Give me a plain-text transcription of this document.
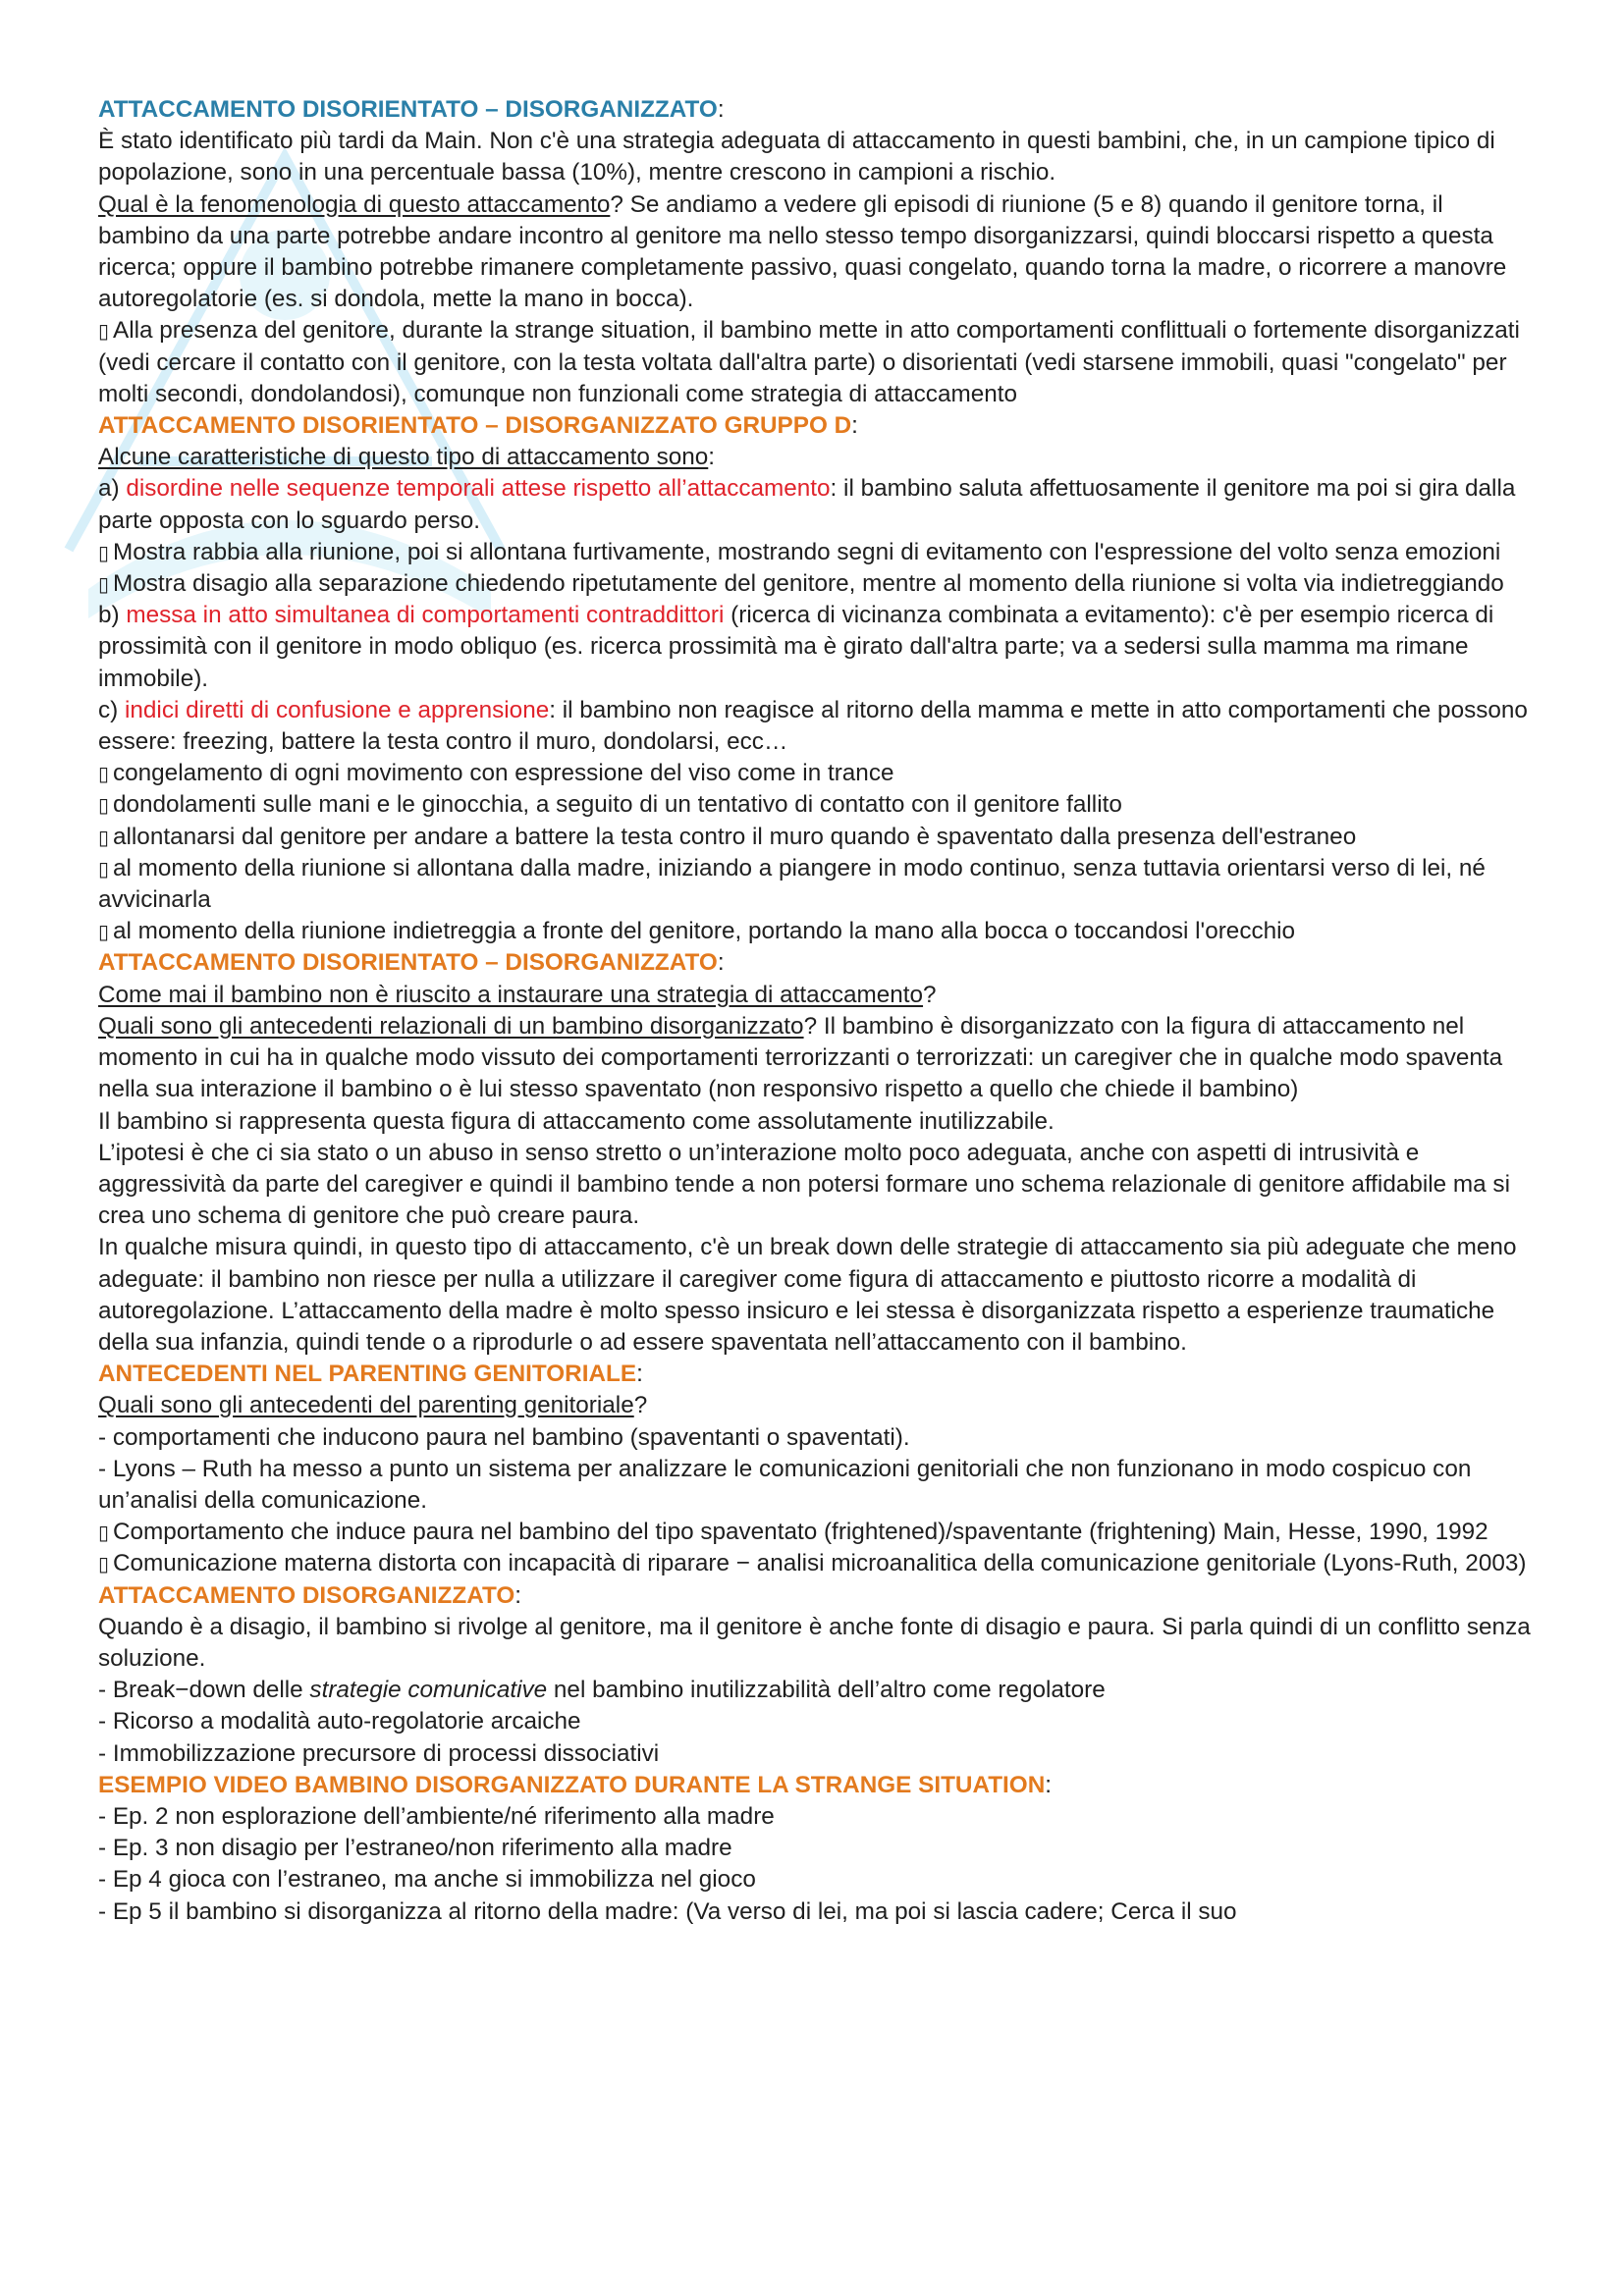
ATTACCAMENTO DISORIENTATO – DISORGANIZZATO:

È stato identificato più tardi da Main. Non c'è una strategia adeguata di attaccamento in questi bambini, che, in un campione tipico di popolazione, sono in una percentuale bassa (10%), mentre crescono in campioni a rischio.

Qual è la fenomenologia di questo attaccamento? Se andiamo a vedere gli episodi di riunione (5 e 8) quando il genitore torna, il bambino da una parte potrebbe andare incontro al genitore ma nello stesso tempo disorganizzarsi, quindi bloccarsi rispetto a questa ricerca; oppure il bambino potrebbe rimanere completamente passivo, quasi congelato, quando torna la madre, o ricorrere a manovre autoregolatorie (es. si dondola, mette la mano in bocca).

▯ Alla presenza del genitore, durante la strange situation, il bambino mette in atto comportamenti conflittuali o fortemente disorganizzati (vedi cercare il contatto con il genitore, con la testa voltata dall'altra parte) o disorientati (vedi starsene immobili, quasi "congelato" per molti secondi, dondolandosi), comunque non funzionali come strategia di attaccamento

ATTACCAMENTO DISORIENTATO – DISORGANIZZATO GRUPPO D:

Alcune caratteristiche di questo tipo di attaccamento sono:

a) disordine nelle sequenze temporali attese rispetto all’attaccamento: il bambino saluta affettuosamente il genitore ma poi si gira dalla parte opposta con lo sguardo perso.

▯ Mostra rabbia alla riunione, poi si allontana furtivamente, mostrando segni di evitamento con l'espressione del volto senza emozioni

▯ Mostra disagio alla separazione chiedendo ripetutamente del genitore, mentre al momento della riunione si volta via indietreggiando

b) messa in atto simultanea di comportamenti contraddittori (ricerca di vicinanza combinata a evitamento): c'è per esempio ricerca di prossimità con il genitore in modo obliquo (es. ricerca prossimità ma è girato dall'altra parte; va a sedersi sulla mamma ma rimane immobile).

c) indici diretti di confusione e apprensione: il bambino non reagisce al ritorno della mamma e mette in atto comportamenti che possono essere: freezing, battere la testa contro il muro, dondolarsi, ecc…

▯ congelamento di ogni movimento con espressione del viso come in trance

▯ dondolamenti sulle mani e le ginocchia, a seguito di un tentativo di contatto con il genitore fallito

▯ allontanarsi dal genitore per andare a battere la testa contro il muro quando è spaventato dalla presenza dell'estraneo

▯ al momento della riunione si allontana dalla madre, iniziando a piangere in modo continuo, senza tuttavia orientarsi verso di lei, né avvicinarla

▯ al momento della riunione indietreggia a fronte del genitore, portando la mano alla bocca o toccandosi l'orecchio

ATTACCAMENTO DISORIENTATO – DISORGANIZZATO:

Come mai il bambino non è riuscito a instaurare una strategia di attaccamento?

Quali sono gli antecedenti relazionali di un bambino disorganizzato? Il bambino è disorganizzato con la figura di attaccamento nel momento in cui ha in qualche modo vissuto dei comportamenti terrorizzanti o terrorizzati: un caregiver che in qualche modo spaventa nella sua interazione il bambino o è lui stesso spaventato (non responsivo rispetto a quello che chiede il bambino)

Il bambino si rappresenta questa figura di attaccamento come assolutamente inutilizzabile.

L’ipotesi è che ci sia stato o un abuso in senso stretto o un’interazione molto poco adeguata, anche con aspetti di intrusività e aggressività da parte del caregiver e quindi il bambino tende a non potersi formare uno schema relazionale di genitore affidabile ma si crea uno schema di genitore che può creare paura.

In qualche misura quindi, in questo tipo di attaccamento, c'è un break down delle strategie di attaccamento sia più adeguate che meno adeguate: il bambino non riesce per nulla a utilizzare il caregiver come figura di attaccamento e piuttosto ricorre a modalità di autoregolazione. L’attaccamento della madre è molto spesso insicuro e lei stessa è disorganizzata rispetto a esperienze traumatiche della sua infanzia, quindi tende o a riprodurle o ad essere spaventata nell’attaccamento con il bambino.

ANTECEDENTI NEL PARENTING GENITORIALE:

Quali sono gli antecedenti del parenting genitoriale?

- comportamenti che inducono paura nel bambino (spaventanti o spaventati).

- Lyons – Ruth ha messo a punto un sistema per analizzare le comunicazioni genitoriali che non funzionano in modo cospicuo con un’analisi della comunicazione.

▯ Comportamento che induce paura nel bambino del tipo spaventato (frightened)/spaventante (frightening) Main, Hesse, 1990, 1992

▯ Comunicazione materna distorta con incapacità di riparare − analisi microanalitica della comunicazione genitoriale (Lyons-Ruth, 2003)

ATTACCAMENTO DISORGANIZZATO:

Quando è a disagio, il bambino si rivolge al genitore, ma il genitore è anche fonte di disagio e paura. Si parla quindi di un conflitto senza soluzione.

- Break−down delle strategie comunicative nel bambino inutilizzabilità dell’altro come regolatore

- Ricorso a modalità auto-regolatorie arcaiche

- Immobilizzazione precursore di processi dissociativi

ESEMPIO VIDEO BAMBINO DISORGANIZZATO DURANTE LA STRANGE SITUATION:

- Ep. 2 non esplorazione dell’ambiente/né riferimento alla madre

- Ep. 3 non disagio per l’estraneo/non riferimento alla madre

- Ep 4 gioca con l’estraneo, ma anche si immobilizza nel gioco

- Ep 5 il bambino si disorganizza al ritorno della madre: (Va verso di lei, ma poi si lascia cadere; Cerca il suo
